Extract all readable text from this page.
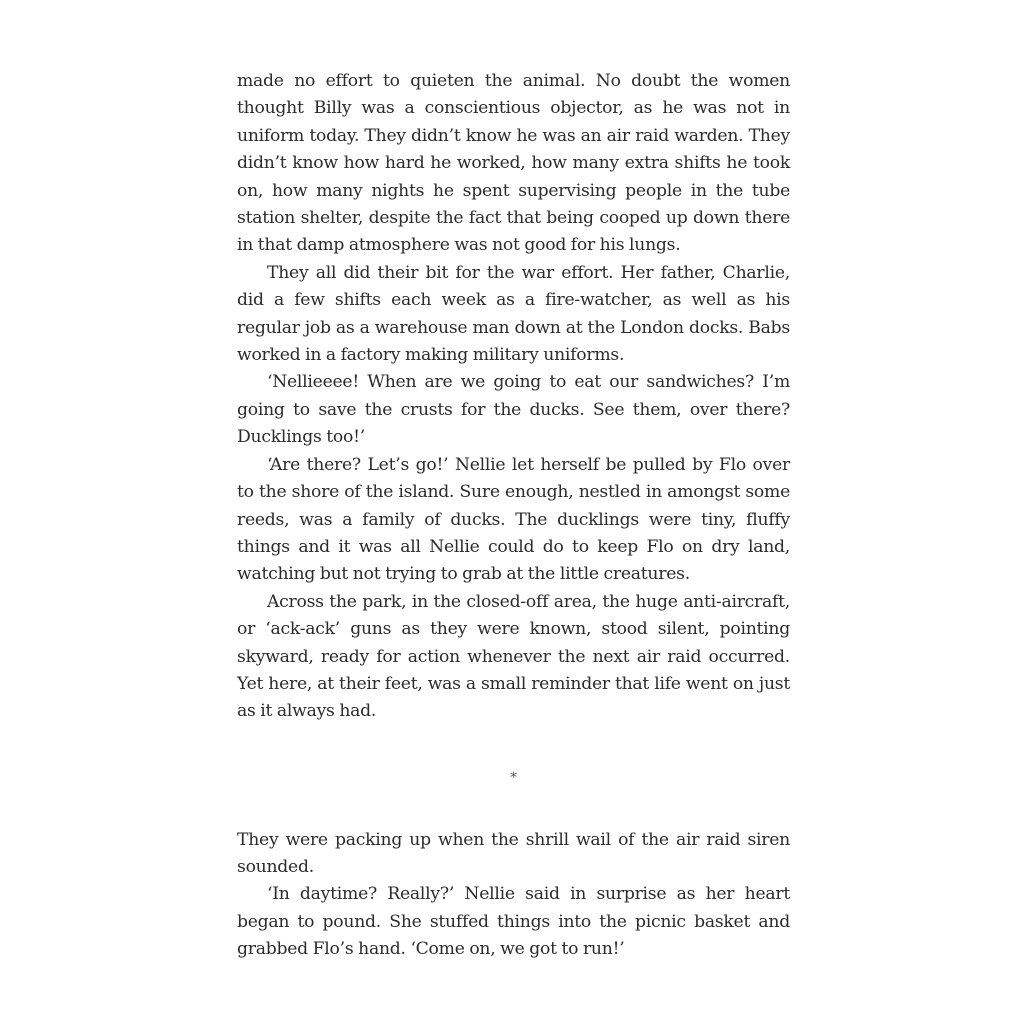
made no effort to quieten the animal. No doubt the women thought Billy was a conscientious objector, as he was not in uniform today. They didn’t know he was an air raid warden. They didn’t know how hard he worked, how many extra shifts he took on, how many nights he spent supervising people in the tube station shelter, despite the fact that being cooped up down there in that damp atmosphere was not good for his lungs.

They all did their bit for the war effort. Her father, Charlie, did a few shifts each week as a fire-watcher, as well as his regular job as a warehouse man down at the London docks. Babs worked in a factory making military uniforms.

‘Nellieeee! When are we going to eat our sandwiches? I’m going to save the crusts for the ducks. See them, over there? Ducklings too!’

‘Are there? Let’s go!’ Nellie let herself be pulled by Flo over to the shore of the island. Sure enough, nestled in amongst some reeds, was a family of ducks. The ducklings were tiny, fluffy things and it was all Nellie could do to keep Flo on dry land, watching but not trying to grab at the little creatures.

Across the park, in the closed-off area, the huge anti-aircraft, or ‘ack-ack’ guns as they were known, stood silent, pointing skyward, ready for action whenever the next air raid occurred. Yet here, at their feet, was a small reminder that life went on just as it always had.

*

They were packing up when the shrill wail of the air raid siren sounded.

‘In daytime? Really?’ Nellie said in surprise as her heart began to pound. She stuffed things into the picnic basket and grabbed Flo’s hand. ‘Come on, we got to run!’
